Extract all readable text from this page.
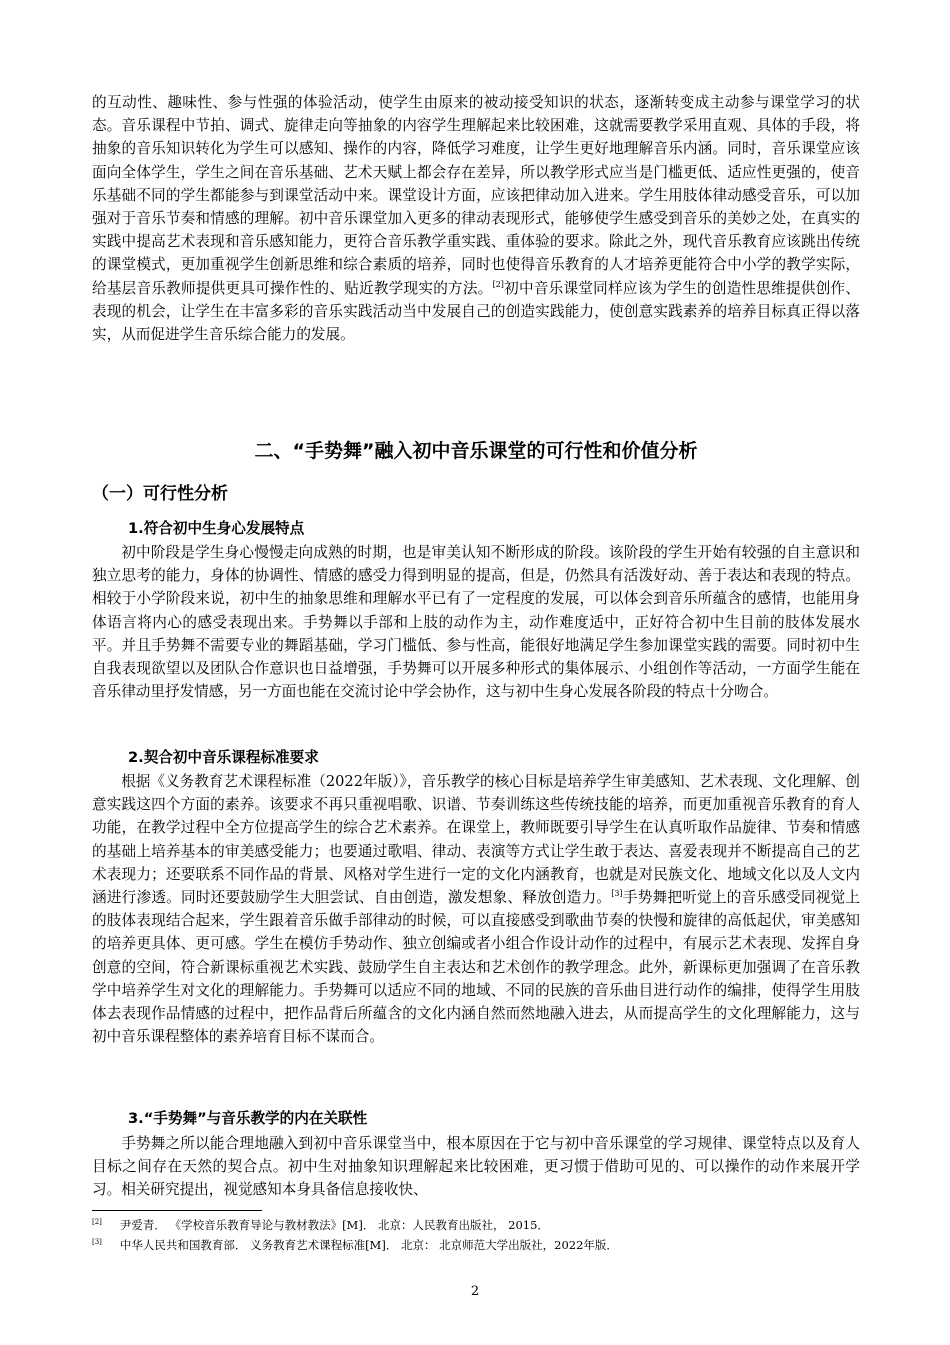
的互动性、趣味性、参与性强的体验活动，使学生由原来的被动接受知识的状态，逐渐转变成主动参与课堂学习的状态。音乐课程中节拍、调式、旋律走向等抽象的内容学生理解起来比较困难，这就需要教学采用直观、具体的手段，将抽象的音乐知识转化为学生可以感知、操作的内容，降低学习难度，让学生更好地理解音乐内涵。同时，音乐课堂应该面向全体学生，学生之间在音乐基础、艺术天赋上都会存在差异，所以教学形式应当是门槛更低、适应性更强的，使音乐基础不同的学生都能参与到课堂活动中来。课堂设计方面，应该把律动加入进来。学生用肢体律动感受音乐，可以加强对于音乐节奏和情感的理解。初中音乐课堂加入更多的律动表现形式，能够使学生感受到音乐的美妙之处，在真实的实践中提高艺术表现和音乐感知能力，更符合音乐教学重实践、重体验的要求。除此之外，现代音乐教育应该跳出传统的课堂模式，更加重视学生创新思维和综合素质的培养，同时也使得音乐教育的人才培养更能符合中小学的教学实际，给基层音乐教师提供更具可操作性的、贴近教学现实的方法。[2]初中音乐课堂同样应该为学生的创造性思维提供创作、表现的机会，让学生在丰富多彩的音乐实践活动当中发展自己的创造实践能力，使创意实践素养的培养目标真正得以落实，从而促进学生音乐综合能力的发展。

二、“手势舞”融入初中音乐课堂的可行性和价值分析
（一）可行性分析
1.符合初中生身心发展特点

初中阶段是学生身心慢慢走向成熟的时期，也是审美认知不断形成的阶段。该阶段的学生开始有较强的自主意识和独立思考的能力，身体的协调性、情感的感受力得到明显的提高，但是，仍然具有活泼好动、善于表达和表现的特点。相较于小学阶段来说，初中生的抽象思维和理解水平已有了一定程度的发展，可以体会到音乐所蕴含的感情，也能用身体语言将内心的感受表现出来。手势舞以手部和上肢的动作为主，动作难度适中，正好符合初中生目前的肢体发展水平。并且手势舞不需要专业的舞蹈基础，学习门槛低、参与性高，能很好地满足学生参加课堂实践的需要。同时初中生自我表现欲望以及团队合作意识也日益增强，手势舞可以开展多种形式的集体展示、小组创作等活动，一方面学生能在音乐律动里抒发情感，另一方面也能在交流讨论中学会协作，这与初中生身心发展各阶段的特点十分吻合。

2.契合初中音乐课程标准要求

根据《义务教育艺术课程标准（2022年版）》，音乐教学的核心目标是培养学生审美感知、艺术表现、文化理解、创意实践这四个方面的素养。该要求不再只重视唱歌、识谱、节奏训练这些传统技能的培养，而更加重视音乐教育的育人功能，在教学过程中全方位提高学生的综合艺术素养。在课堂上，教师既要引导学生在认真听取作品旋律、节奏和情感的基础上培养基本的审美感受能力；也要通过歌唱、律动、表演等方式让学生敢于表达、喜爱表现并不断提高自己的艺术表现力；还要联系不同作品的背景、风格对学生进行一定的文化内涵教育，也就是对民族文化、地域文化以及人文内涵进行渗透。同时还要鼓励学生大胆尝试、自由创造，激发想象、释放创造力。[3]手势舞把听觉上的音乐感受同视觉上的肢体表现结合起来，学生跟着音乐做手部律动的时候，可以直接感受到歌曲节奏的快慢和旋律的高低起伏，审美感知的培养更具体、更可感。学生在模仿手势动作、独立创编或者小组合作设计动作的过程中，有展示艺术表现、发挥自身创意的空间，符合新课标重视艺术实践、鼓励学生自主表达和艺术创作的教学理念。此外，新课标更加强调了在音乐教学中培养学生对文化的理解能力。手势舞可以适应不同的地域、不同的民族的音乐曲目进行动作的编排，使得学生用肢体去表现作品情感的过程中，把作品背后所蕴含的文化内涵自然而然地融入进去，从而提高学生的文化理解能力，这与初中音乐课程整体的素养培育目标不谋而合。

3.“手势舞”与音乐教学的内在关联性

手势舞之所以能合理地融入到初中音乐课堂当中，根本原因在于它与初中音乐课堂的学习规律、课堂特点以及育人目标之间存在天然的契合点。初中生对抽象知识理解起来比较困难，更习惯于借助可见的、可以操作的动作来展开学习。相关研究提出，视觉感知本身具备信息接收快、

[2] 尹爱青． 《学校音乐教育导论与教材教法》[M]． 北京：人民教育出版社， 2015．

[3] 中华人民共和国教育部． 义务教育艺术课程标准[M]． 北京： 北京师范大学出版社，2022年版．

2
